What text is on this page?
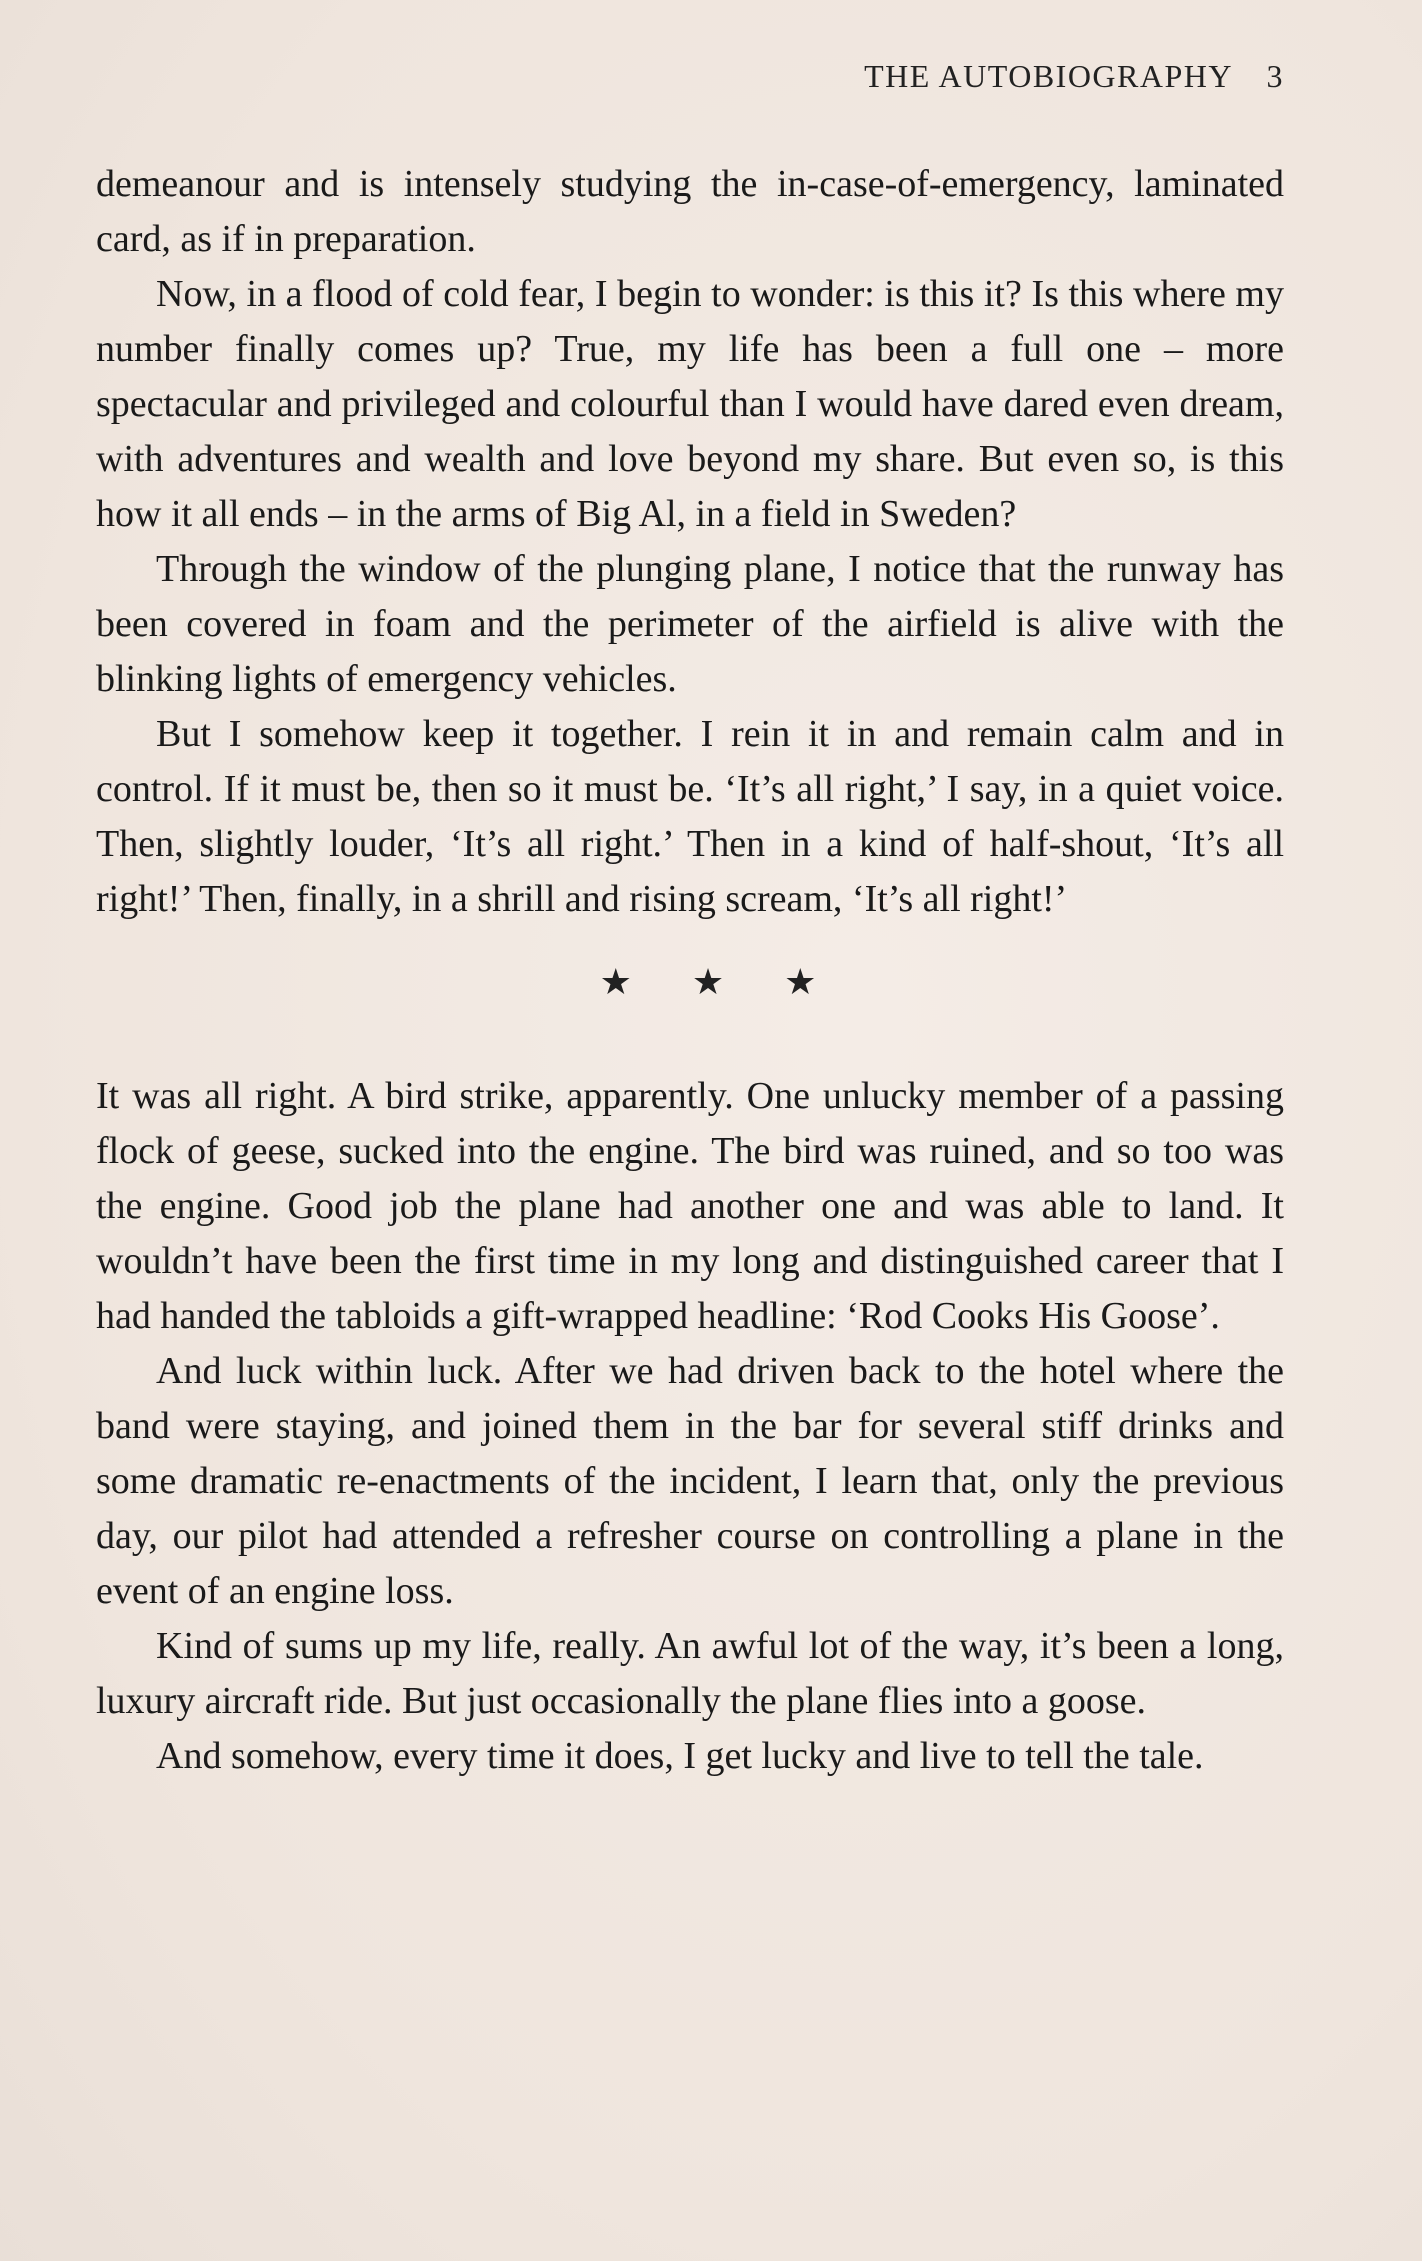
THE AUTOBIOGRAPHY 3

demeanour and is intensely studying the in-case-of-emergency, laminated card, as if in preparation.

Now, in a flood of cold fear, I begin to wonder: is this it? Is this where my number finally comes up? True, my life has been a full one – more spectacular and privileged and colourful than I would have dared even dream, with adventures and wealth and love beyond my share. But even so, is this how it all ends – in the arms of Big Al, in a field in Sweden?

Through the window of the plunging plane, I notice that the runway has been covered in foam and the perimeter of the airfield is alive with the blinking lights of emergency vehicles.

But I somehow keep it together. I rein it in and remain calm and in control. If it must be, then so it must be. ‘It’s all right,’ I say, in a quiet voice. Then, slightly louder, ‘It’s all right.’ Then in a kind of half-shout, ‘It’s all right!’ Then, finally, in a shrill and rising scream, ‘It’s all right!’

★ ★ ★

It was all right. A bird strike, apparently. One unlucky member of a passing flock of geese, sucked into the engine. The bird was ruined, and so too was the engine. Good job the plane had another one and was able to land. It wouldn’t have been the first time in my long and distinguished career that I had handed the tabloids a gift-wrapped headline: ‘Rod Cooks His Goose’.

And luck within luck. After we had driven back to the hotel where the band were staying, and joined them in the bar for several stiff drinks and some dramatic re-enactments of the incident, I learn that, only the previous day, our pilot had attended a refresher course on controlling a plane in the event of an engine loss.

Kind of sums up my life, really. An awful lot of the way, it’s been a long, luxury aircraft ride. But just occasionally the plane flies into a goose.

And somehow, every time it does, I get lucky and live to tell the tale.
